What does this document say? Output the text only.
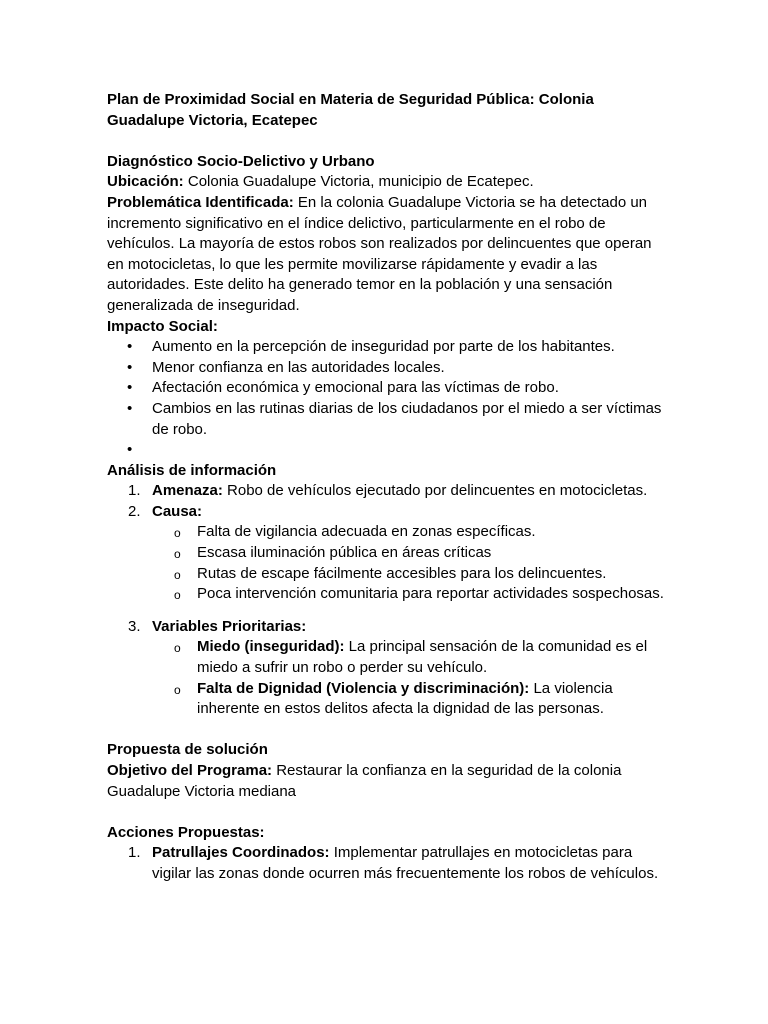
Plan de Proximidad Social en Materia de Seguridad Pública: Colonia Guadalupe Victoria, Ecatepec

Diagnóstico Socio-Delictivo y Urbano

Ubicación: Colonia Guadalupe Victoria, municipio de Ecatepec.

Problemática Identificada: En la colonia Guadalupe Victoria se ha detectado un incremento significativo en el índice delictivo, particularmente en el robo de vehículos. La mayoría de estos robos son realizados por delincuentes que operan en motocicletas, lo que les permite movilizarse rápidamente y evadir a las autoridades. Este delito ha generado temor en la población y una sensación generalizada de inseguridad.

Impacto Social:

• Aumento en la percepción de inseguridad por parte de los habitantes.
• Menor confianza en las autoridades locales.
• Afectación económica y emocional para las víctimas de robo.
• Cambios en las rutinas diarias de los ciudadanos por el miedo a ser víctimas de robo.
•

Análisis de información

1. Amenaza: Robo de vehículos ejecutado por delincuentes en motocicletas.
2. Causa:
o Falta de vigilancia adecuada en zonas específicas.
o Escasa iluminación pública en áreas críticas
o Rutas de escape fácilmente accesibles para los delincuentes.
o Poca intervención comunitaria para reportar actividades sospechosas.
3. Variables Prioritarias:
o Miedo (inseguridad): La principal sensación de la comunidad es el miedo a sufrir un robo o perder su vehículo.
o Falta de Dignidad (Violencia y discriminación): La violencia inherente en estos delitos afecta la dignidad de las personas.

Propuesta de solución

Objetivo del Programa: Restaurar la confianza en la seguridad de la colonia Guadalupe Victoria mediana

Acciones Propuestas:

1. Patrullajes Coordinados: Implementar patrullajes en motocicletas para vigilar las zonas donde ocurren más frecuentemente los robos de vehículos.
